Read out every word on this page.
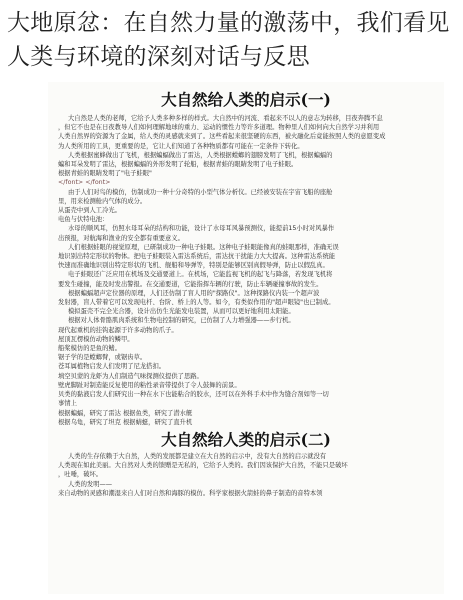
大地原忿：在自然力量的激荡中，我们看见人类与环境的深刻对话与反思
大自然给人类的启示(一)
大自然是人类的老师，它给予人类多种多样的样式。大自然中的河流、看起来不以人的意志为转移，目夜奔腾不息
，但它不也是在日夜教导人们如何理解地球的重力、运动的惯性力等许多道理。物种里人们如何向大自然学习并利用
人类自然界的资源为了金属，给人类的灵感就来到了。这些看起来很坚硬的东西，被火融化后竟能按照人类的意愿变成
为人类所用的工具，更重要的是，它让人们知道了各种物质都有可能在一定条件下转化。
人类根据蜜蜂做出了飞机，根据蝙蝠做出了雷达，人类根据螳螂的翅膀发明了飞机，根据蝙蝠的
蝙和耳朵发明了雷达，根据蝙蝠的外形发明了轮船，根据青蛙的眼睛发明了电子蛙眼。
根据青蛙的眼睛发明了"电子蛙眼"
</font> </font>
由于人们对鸟的模仿，仿制成功一种十分奇特的小型气体分析仪。已经被安装在宇宙飞船的座舱
里，用来检测舱内气体的成分。
从蛋壳中到人工冷光。
电鱼与伏特电池：
水母的顺风耳，仿照水母耳朵的结构和功能，设计了水母耳风暴预测仪，能提前15小时对风暴作
出预报，对航海和渔业的安全都有重要意义。
人们根据蛙眼的视觉原理，已研制成功一种电子蛙眼。这种电子蛙眼能像真的蛙眼那样，准确无误
地识别出特定形状的物体。把电子蛙眼装入雷达系统后，雷达抗干扰能力大大提高。这种雷达系统能
快速而准确地识别出特定形状的飞机、舰船和导弹等，特别是能够区别真假导弹，防止以假乱真。
电子蛙眼还广泛应用在机场及交通要道上。在机场，它能监视飞机的起飞与降落，若发现飞机将
要发生碰撞，能及时发出警报。在交通要道，它能指挥车辆的行驶，防止车辆碰撞事故的发生。
根据蝙蝠超声定位器的原理，人们还仿制了盲人用的"探路仪"。这种探路仪内装一个超声波
发射器，盲人带着它可以发现电杆、台阶、桥上的人等。如今，有类似作用的"超声眼镜"也已制成。
模拟蛋壳不完全光合器，设计出仿生光能发电装置，从而可以更好地利用太阳能。
根据对人体骨骼肌肉系统和生物电控制的研究，已仿制了人力增强器——步行机。
现代起重机的挂钩起源于许多动物的爪子。
屋顶瓦楞模仿动物的鳞甲。
船桨模仿的是鱼的鳍。
锯子学的是螳螂臂，或锯齿草。
苍耳属植物启发人们发明了尼龙搭扣。
填空贝蒙的龙虾为人们制造气味探测仪提供了思路。
壁虎脚趾对制造能反复使用的粘性录音带提供了令人鼓舞的前景。
贝类的黏液启发人们研究出一种在水下也能粘合的胶水，还可以在外科手术中作为缝合剂如等一切
事情上
根据蝙蝠，研究了雷达 根据鱼类，研究了潜水艇
根据乌龟，研究了坦克 根据蜻蜓，研究了直升机
大自然给人类的启示(二)
人类的生存依赖于大自然，人类的发展都是建立在大自然的启示中，没有大自然的启示就没有
人类现在如此美丽。大自然对人类的馈赠是无私的，它给予人类的。我们因该保护大自然，不能只是破坏
，吐唾，破坏。
人类的发明——
来自动物的灵感和潮湿来自人们对自然和海豚的模仿。科学家根据火箭蛙的鼻子制造的音特本领
